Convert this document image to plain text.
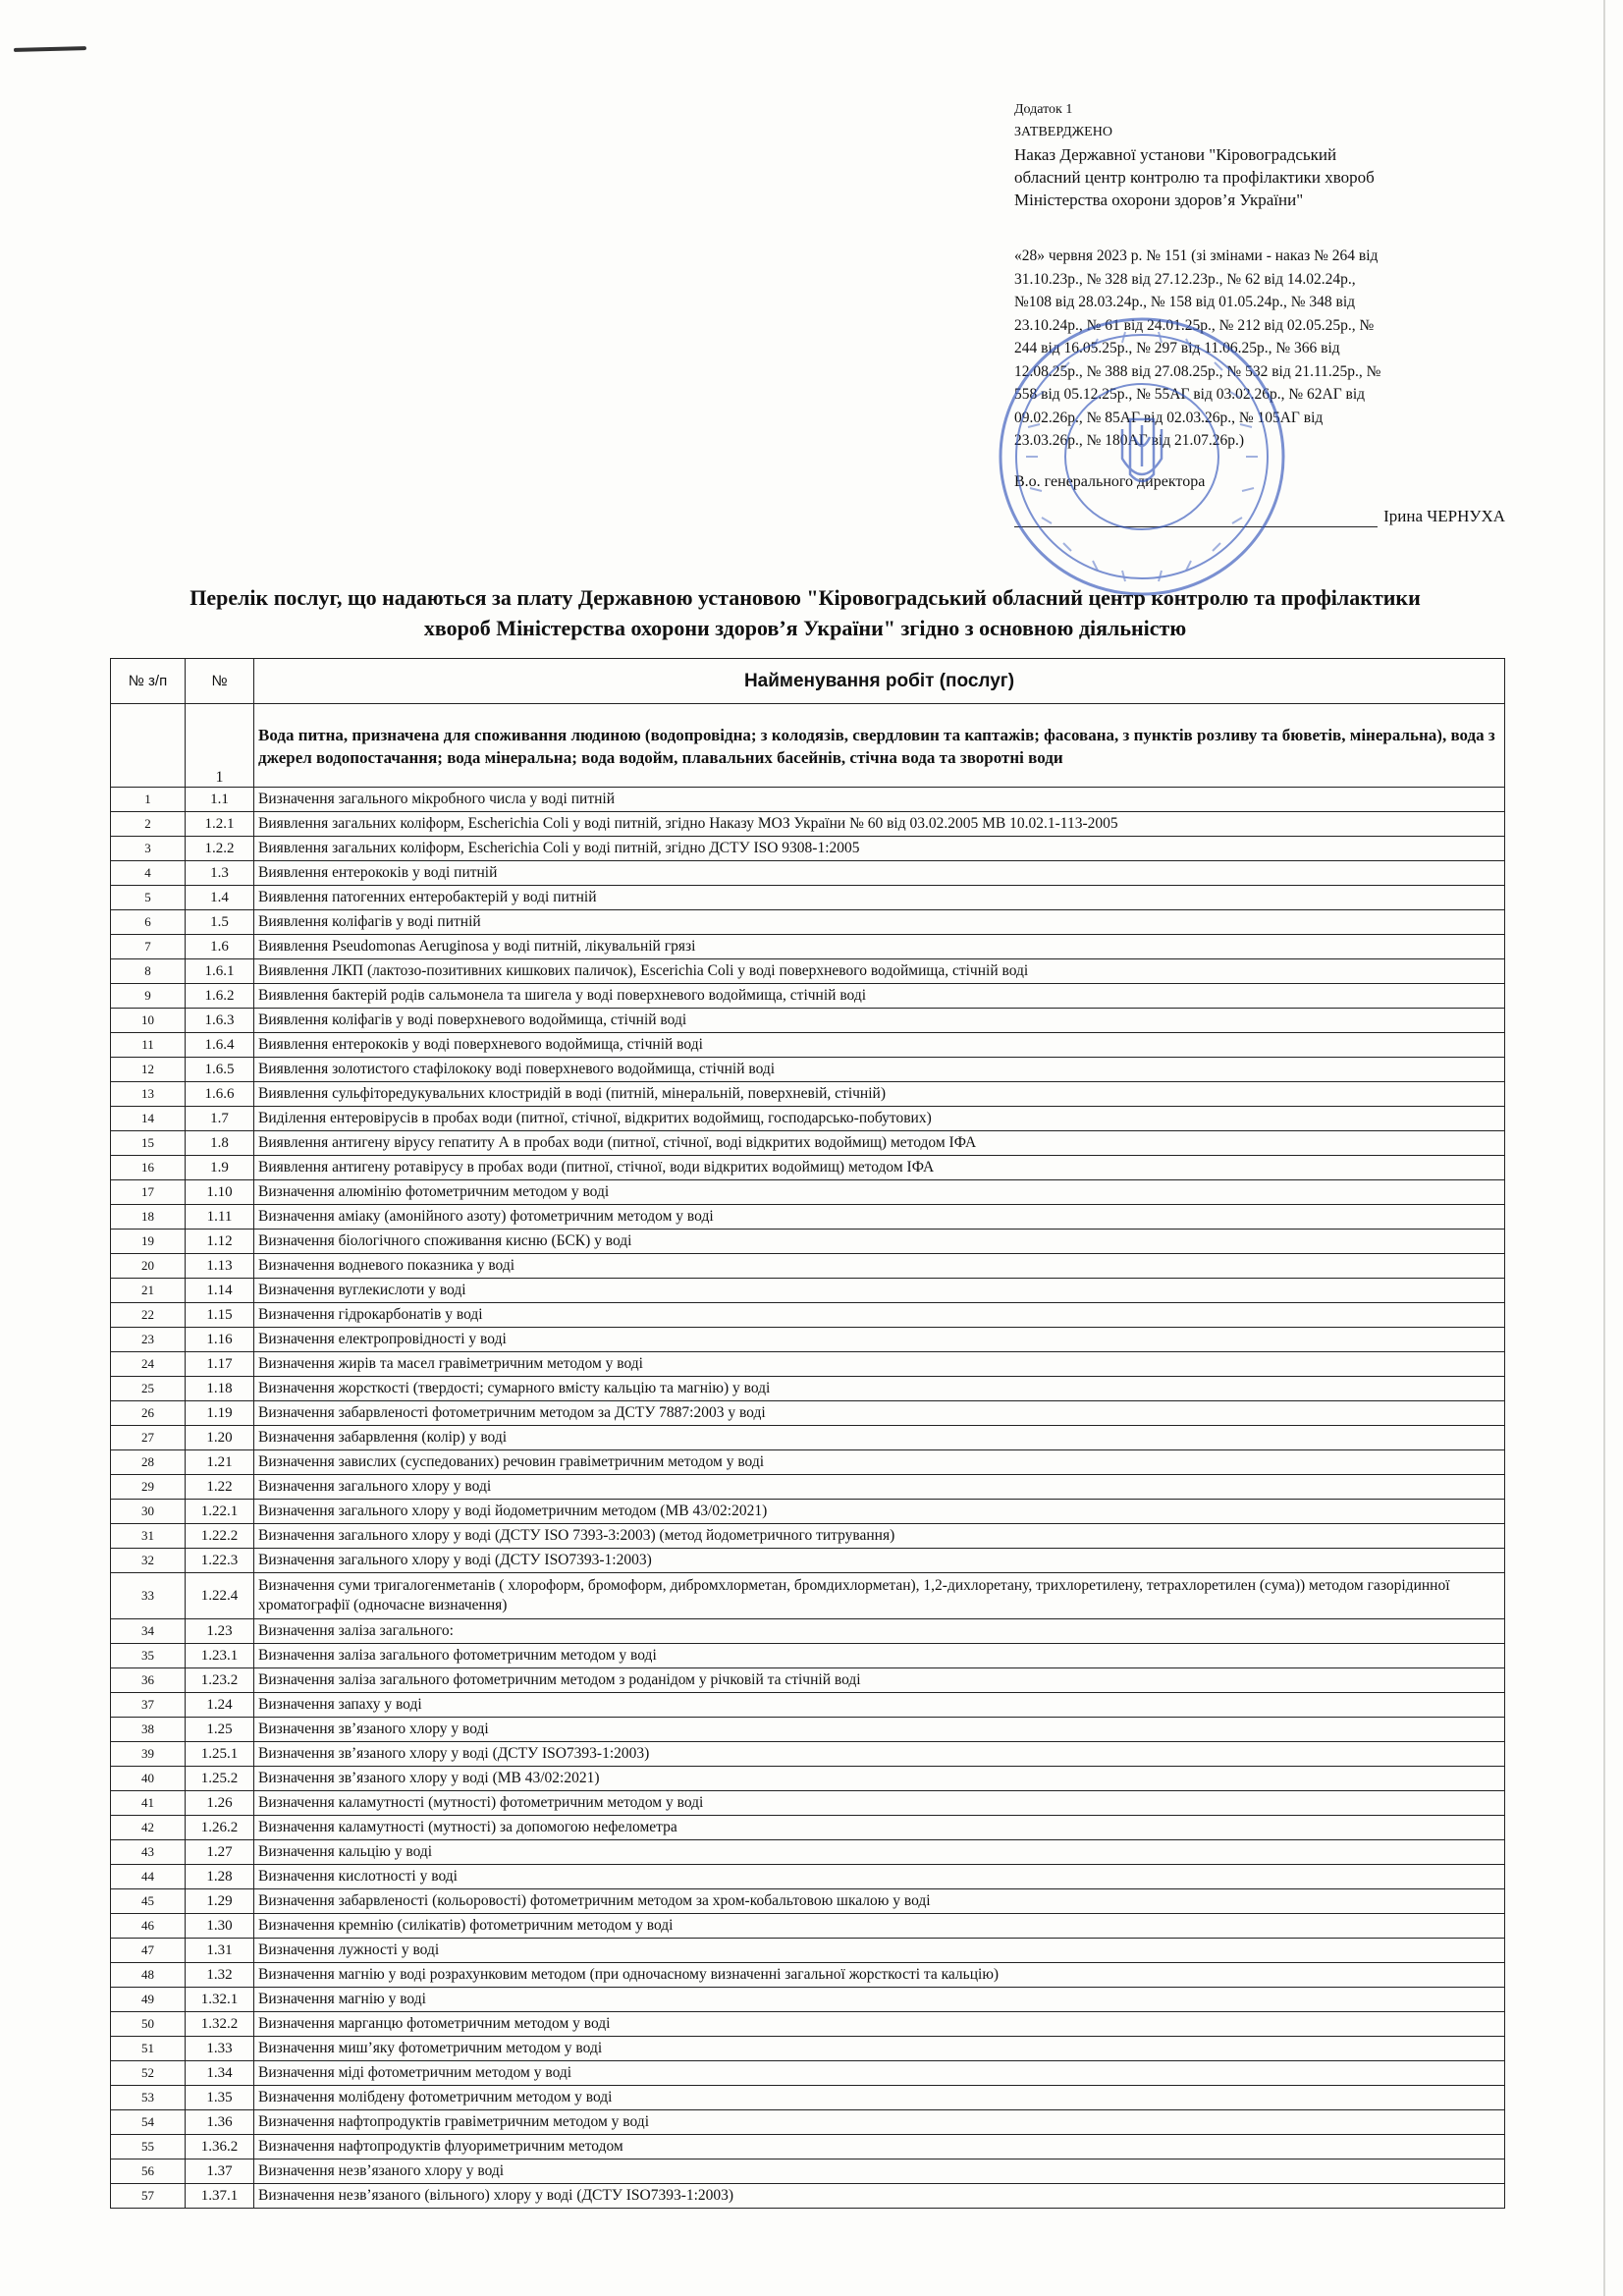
Додаток 1
ЗАТВЕРДЖЕНО
Наказ Державної установи "Кіровоградський
обласний центр контролю та профілактики хвороб
Міністерства охорони здоров’я України"
«28» червня 2023 р. № 151 (зі змінами - наказ № 264 від
31.10.23р., № 328 від 27.12.23р., № 62 від 14.02.24р.,
№108 від 28.03.24р., № 158 від 01.05.24р., № 348 від
23.10.24р., № 61 від 24.01.25р., № 212 від 02.05.25р., №
244 від 16.05.25р., № 297 від 11.06.25р., № 366 від
12.08.25р., № 388 від 27.08.25р., № 532 від 21.11.25р., №
558 від 05.12.25р., № 55АГ від 03.02.26р., № 62АГ від
09.02.26р., № 85АГ від 02.03.26р., № 105АГ від
23.03.26р., № 180АГ від 21.07.26р.)
В.о. генерального директора
Ірина ЧЕРНУХА
Перелік послуг, що надаються за плату Державною установою "Кіровоградський обласний центр контролю та профілактики
хвороб Міністерства охорони здоров’я України" згідно з основною діяльністю
№ з/п	№	Найменування робіт (послуг)
	1	Вода питна, призначена для споживання людиною (водопровідна; з колодязів, свердловин та каптажів; фасована, з пунктів розливу та бюветів, мінеральна), вода з джерел водопостачання; вода мінеральна; вода водойм, плавальних басейнів, стічна вода та зворотні води
1	1.1	Визначення загального мікробного числа у воді питній
2	1.2.1	Виявлення загальних коліформ, Escherichia Coli у воді питній, згідно Наказу МОЗ України № 60 від 03.02.2005 МВ 10.02.1-113-2005
3	1.2.2	Виявлення загальних коліформ, Escherichia Coli у воді питній, згідно ДСТУ ISO 9308-1:2005
4	1.3	Виявлення ентерококів у воді питній
5	1.4	Виявлення патогенних ентеробактерій у воді питній
6	1.5	Виявлення коліфагів у воді питній
7	1.6	Виявлення Pseudomonas Aeruginosa у воді питній, лікувальній грязі
8	1.6.1	Виявлення ЛКП (лактозо-позитивних кишкових паличок), Escerichia Coli у воді поверхневого водоймища, стічній воді
9	1.6.2	Виявлення бактерій родів сальмонела та шигела у воді поверхневого водоймища, стічній воді
10	1.6.3	Виявлення коліфагів у воді поверхневого водоймища, стічній воді
11	1.6.4	Виявлення ентерококів у воді поверхневого водоймища, стічній воді
12	1.6.5	Виявлення золотистого стафілококу воді поверхневого водоймища, стічній воді
13	1.6.6	Виявлення сульфіторедукувальних клостридій в воді (питній, мінеральній, поверхневій, стічній)
14	1.7	Виділення ентеровірусів в пробах води (питної, стічної, відкритих водоймищ, господарсько-побутових)
15	1.8	Виявлення антигену вірусу гепатиту А в пробах води (питної, стічної, воді відкритих водоймищ) методом ІФА
16	1.9	Виявлення антигену ротавірусу в пробах води (питної, стічної, води відкритих водоймищ) методом ІФА
17	1.10	Визначення алюмінію фотометричним методом у воді
18	1.11	Визначення аміаку (амонійного азоту) фотометричним методом у воді
19	1.12	Визначення біологічного споживання кисню (БСК) у воді
20	1.13	Визначення водневого показника у воді
21	1.14	Визначення вуглекислоти у воді
22	1.15	Визначення гідрокарбонатів у воді
23	1.16	Визначення електропровідності у воді
24	1.17	Визначення жирів та масел гравіметричним методом у воді
25	1.18	Визначення жорсткості (твердості; сумарного вмісту кальцію та магнію) у воді
26	1.19	Визначення забарвленості фотометричним методом за ДСТУ 7887:2003 у воді
27	1.20	Визначення забарвлення (колір) у воді
28	1.21	Визначення завислих (суспедованих) речовин гравіметричним методом у воді
29	1.22	Визначення загального хлору у воді
30	1.22.1	Визначення загального хлору у воді йодометричним методом (МВ 43/02:2021)
31	1.22.2	Визначення загального хлору у воді (ДСТУ ISO 7393-3:2003) (метод йодометричного титрування)
32	1.22.3	Визначення загального хлору у воді (ДСТУ ISO7393-1:2003)
33	1.22.4	Визначення суми тригалогенметанів ( хлороформ, бромоформ, дибромхлорметан, бромдихлорметан), 1,2-дихлоретану, трихлоретилену, тетрахлоретилен (сума)) методом газорідинної хроматографії (одночасне визначення)
34	1.23	Визначення заліза загального:
35	1.23.1	Визначення заліза загального фотометричним методом у воді
36	1.23.2	Визначення заліза загального фотометричним методом з роданідом у річковій та стічній воді
37	1.24	Визначення запаху у воді
38	1.25	Визначення зв’язаного хлору у воді
39	1.25.1	Визначення зв’язаного хлору у воді (ДСТУ ISO7393-1:2003)
40	1.25.2	Визначення зв’язаного хлору у воді (МВ 43/02:2021)
41	1.26	Визначення каламутності (мутності) фотометричним методом у воді
42	1.26.2	Визначення каламутності (мутності) за допомогою нефелометра
43	1.27	Визначення кальцію у воді
44	1.28	Визначення кислотності у воді
45	1.29	Визначення забарвленості (кольоровості) фотометричним методом за хром-кобальтовою шкалою у воді
46	1.30	Визначення кремнію (силікатів) фотометричним методом у воді
47	1.31	Визначення лужності у воді
48	1.32	Визначення магнію у воді розрахунковим методом (при одночасному визначенні загальної жорсткості та кальцію)
49	1.32.1	Визначення магнію у воді
50	1.32.2	Визначення марганцю фотометричним методом у воді
51	1.33	Визначення миш’яку фотометричним методом у воді
52	1.34	Визначення міді фотометричним методом у воді
53	1.35	Визначення молібдену фотометричним методом у воді
54	1.36	Визначення нафтопродуктів гравіметричним методом у воді
55	1.36.2	Визначення нафтопродуктів флуориметричним методом
56	1.37	Визначення незв’язаного хлору у воді
57	1.37.1	Визначення незв’язаного (вільного) хлору у воді (ДСТУ ISO7393-1:2003)
